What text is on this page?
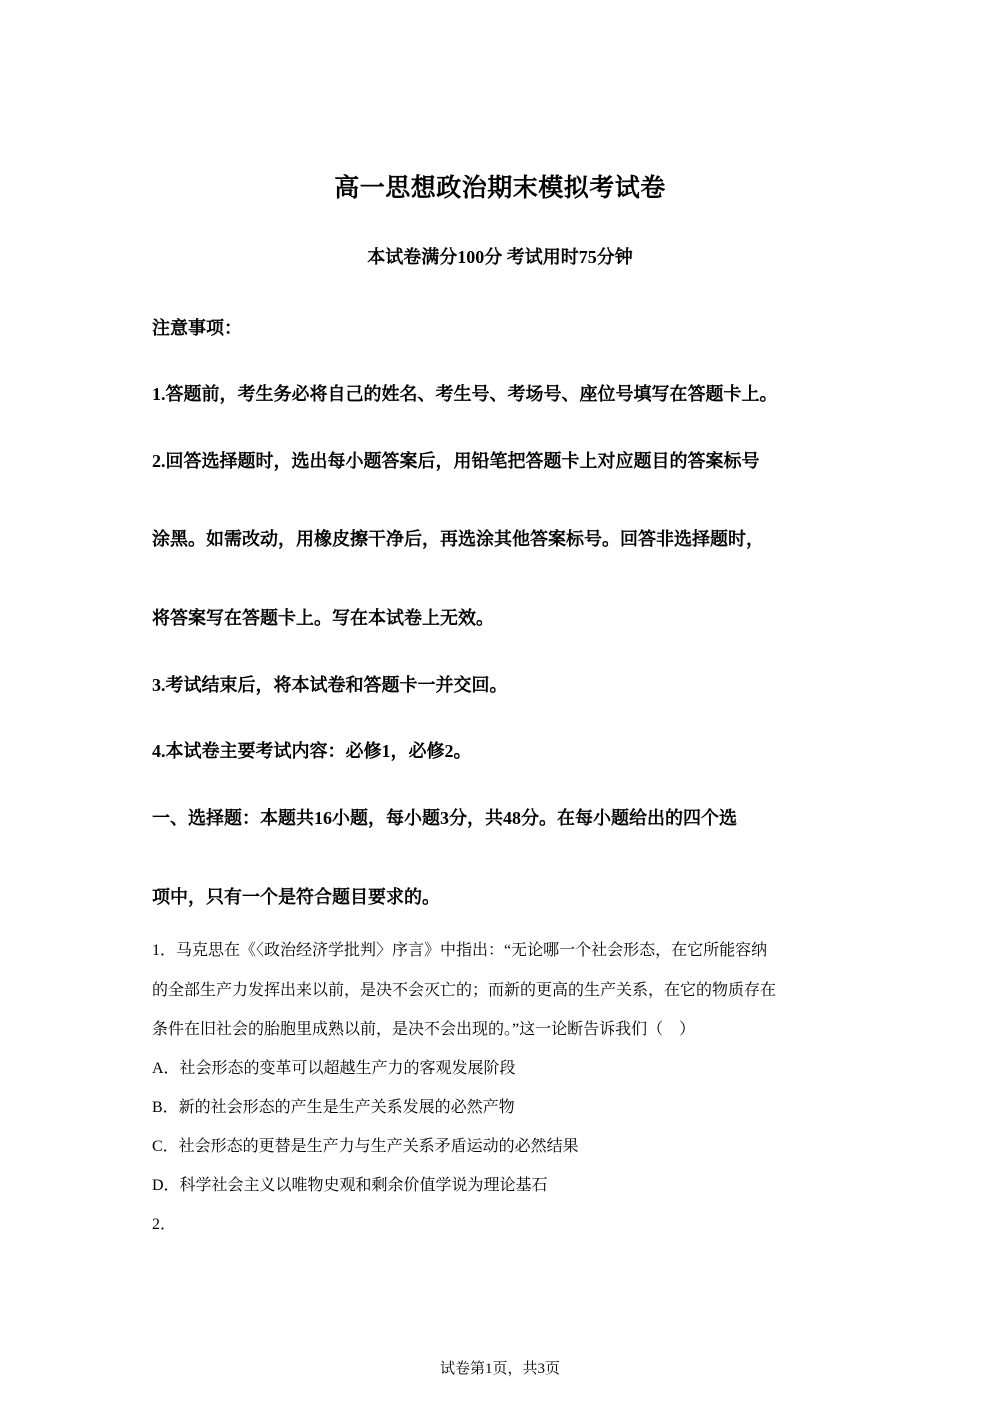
高一思想政治期末模拟考试卷
本试卷满分100分 考试用时75分钟
注意事项：
1.答题前，考生务必将自己的姓名、考生号、考场号、座位号填写在答题卡上。
2.回答选择题时，选出每小题答案后，用铅笔把答题卡上对应题目的答案标号
涂黑。如需改动，用橡皮擦干净后，再选涂其他答案标号。回答非选择题时，
将答案写在答题卡上。写在本试卷上无效。
3.考试结束后，将本试卷和答题卡一并交回。
4.本试卷主要考试内容：必修1，必修2。
一、选择题：本题共16小题，每小题3分，共48分。在每小题给出的四个选
项中，只有一个是符合题目要求的。
1．马克思在《〈政治经济学批判〉序言》中指出：“无论哪一个社会形态，在它所能容纳
的全部生产力发挥出来以前，是决不会灭亡的；而新的更高的生产关系，在它的物质存在
条件在旧社会的胎胞里成熟以前，是决不会出现的。”这一论断告诉我们（　）
A．社会形态的变革可以超越生产力的客观发展阶段
B．新的社会形态的产生是生产关系发展的必然产物
C．社会形态的更替是生产力与生产关系矛盾运动的必然结果
D．科学社会主义以唯物史观和剩余价值学说为理论基石
2．
试卷第1页，共3页
